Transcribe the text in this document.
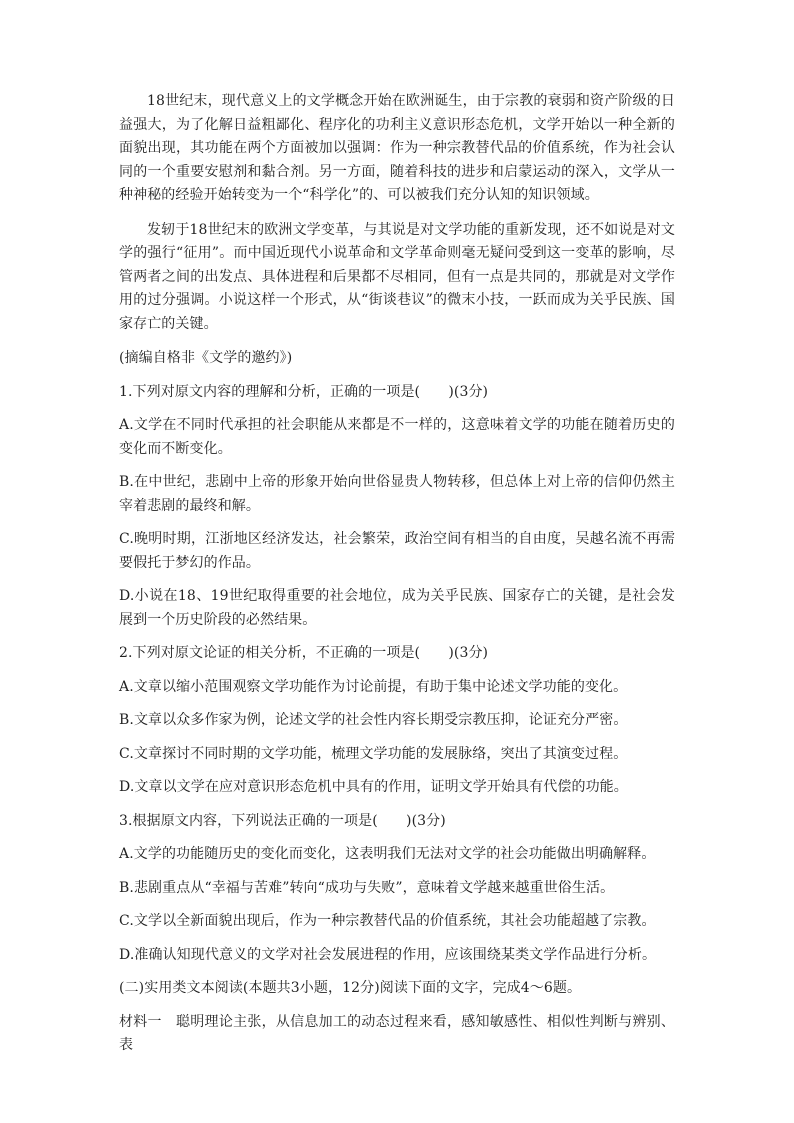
18世纪末，现代意义上的文学概念开始在欧洲诞生，由于宗教的衰弱和资产阶级的日益强大，为了化解日益粗鄙化、程序化的功利主义意识形态危机，文学开始以一种全新的面貌出现，其功能在两个方面被加以强调：作为一种宗教替代品的价值系统，作为社会认同的一个重要安慰剂和黏合剂。另一方面，随着科技的进步和启蒙运动的深入，文学从一种神秘的经验开始转变为一个“科学化”的、可以被我们充分认知的知识领域。

发轫于18世纪末的欧洲文学变革，与其说是对文学功能的重新发现，还不如说是对文学的强行“征用”。而中国近现代小说革命和文学革命则毫无疑问受到这一变革的影响，尽管两者之间的出发点、具体进程和后果都不尽相同，但有一点是共同的，那就是对文学作用的过分强调。小说这样一个形式，从“街谈巷议”的微末小技，一跃而成为关乎民族、国家存亡的关键。

(摘编自格非《文学的邀约》)

1.下列对原文内容的理解和分析，正确的一项是(　　)(3分)

A.文学在不同时代承担的社会职能从来都是不一样的，这意味着文学的功能在随着历史的变化而不断变化。

B.在中世纪，悲剧中上帝的形象开始向世俗显贵人物转移，但总体上对上帝的信仰仍然主宰着悲剧的最终和解。

C.晚明时期，江浙地区经济发达，社会繁荣，政治空间有相当的自由度，吴越名流不再需要假托于梦幻的作品。

D.小说在18、19世纪取得重要的社会地位，成为关乎民族、国家存亡的关键，是社会发展到一个历史阶段的必然结果。

2.下列对原文论证的相关分析，不正确的一项是(　　)(3分)

A.文章以缩小范围观察文学功能作为讨论前提，有助于集中论述文学功能的变化。

B.文章以众多作家为例，论述文学的社会性内容长期受宗教压抑，论证充分严密。

C.文章探讨不同时期的文学功能，梳理文学功能的发展脉络，突出了其演变过程。

D.文章以文学在应对意识形态危机中具有的作用，证明文学开始具有代偿的功能。

3.根据原文内容，下列说法正确的一项是(　　)(3分)

A.文学的功能随历史的变化而变化，这表明我们无法对文学的社会功能做出明确解释。

B.悲剧重点从“幸福与苦难”转向“成功与失败”，意味着文学越来越重世俗生活。

C.文学以全新面貌出现后，作为一种宗教替代品的价值系统，其社会功能超越了宗教。

D.准确认知现代意义的文学对社会发展进程的作用，应该围绕某类文学作品进行分析。

(二)实用类文本阅读(本题共3小题，12分)阅读下面的文字，完成4～6题。

材料一　聪明理论主张，从信息加工的动态过程来看，感知敏感性、相似性判断与辨别、表
